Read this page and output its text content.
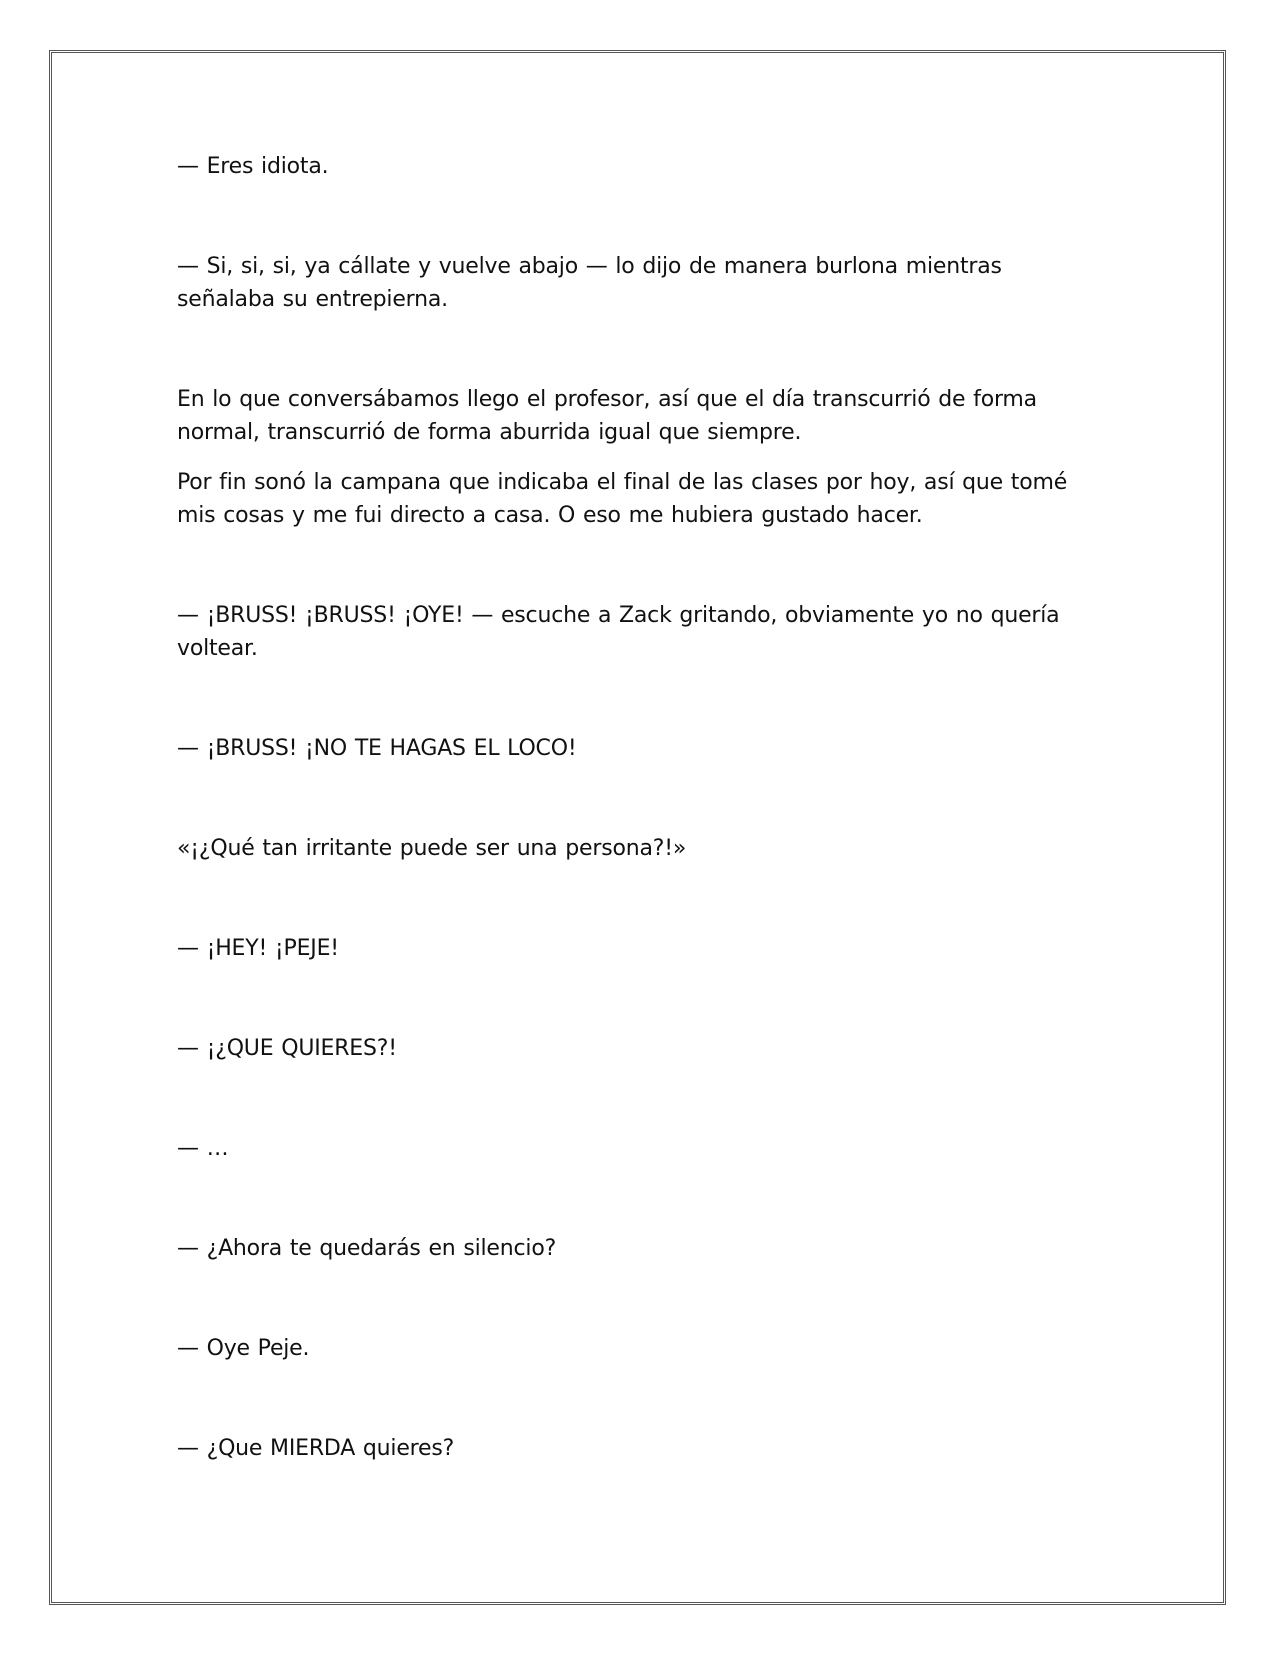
— Eres idiota.

— Si, si, si, ya cállate y vuelve abajo — lo dijo de manera burlona mientras señalaba su entrepierna.

En lo que conversábamos llego el profesor, así que el día transcurrió de forma normal, transcurrió de forma aburrida igual que siempre.

Por fin sonó la campana que indicaba el final de las clases por hoy, así que tomé mis cosas y me fui directo a casa. O eso me hubiera gustado hacer.

— ¡BRUSS! ¡BRUSS! ¡OYE! — escuche a Zack gritando, obviamente yo no quería voltear.

— ¡BRUSS! ¡NO TE HAGAS EL LOCO!

«¡¿Qué tan irritante puede ser una persona?!»

— ¡HEY! ¡PEJE!

— ¡¿QUE QUIERES?!

— …

— ¿Ahora te quedarás en silencio?

— Oye Peje.

— ¿Que MIERDA quieres?
